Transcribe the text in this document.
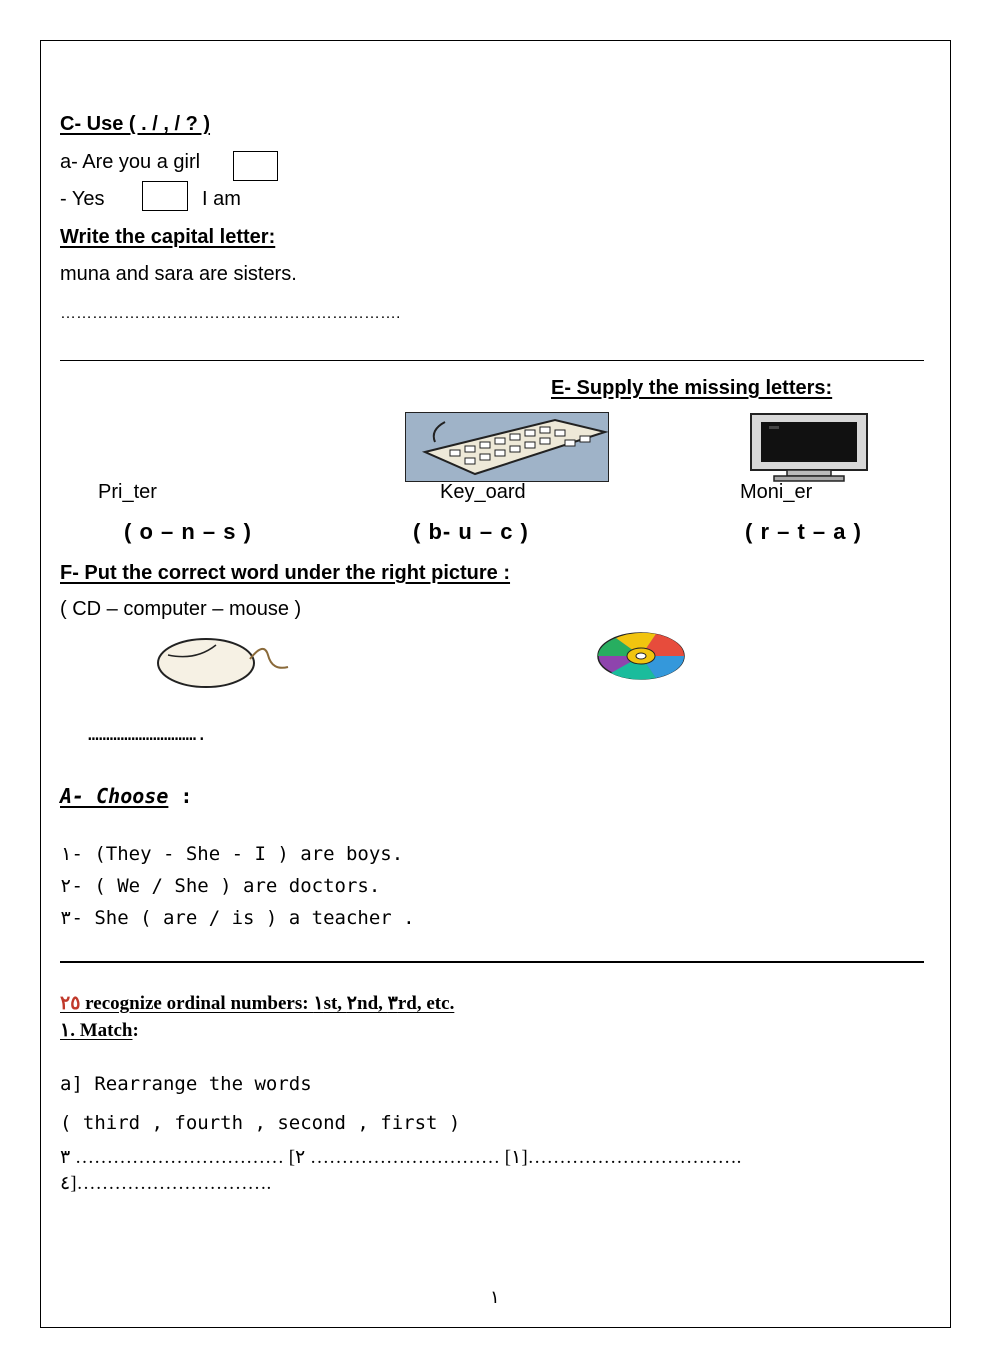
C- Use ( . / , / ? )
a- Are you a girl
- Yes	I am
Write the capital letter:
muna and sara are sisters.
……………………………………………………….
E- Supply the missing letters:
Pri_ter	Key_oard	Moni_er
( o – n – s )	( b- u – c )	( r – t – a )
F- Put the correct word under the right picture :
( CD – computer – mouse )
………………………….
A- Choose :
١- (They - She - I ) are boys.
٢- ( We / She ) are doctors.
٣- She ( are / is ) a teacher .
٢٥ recognize ordinal numbers: ١st, ٢nd, ٣rd, etc.
١. Match:
a] Rearrange the words
( third , fourth , second , first )
١] ………………………… ٢] …………………………… ٣]…………………………….
٤]………………………….
١
